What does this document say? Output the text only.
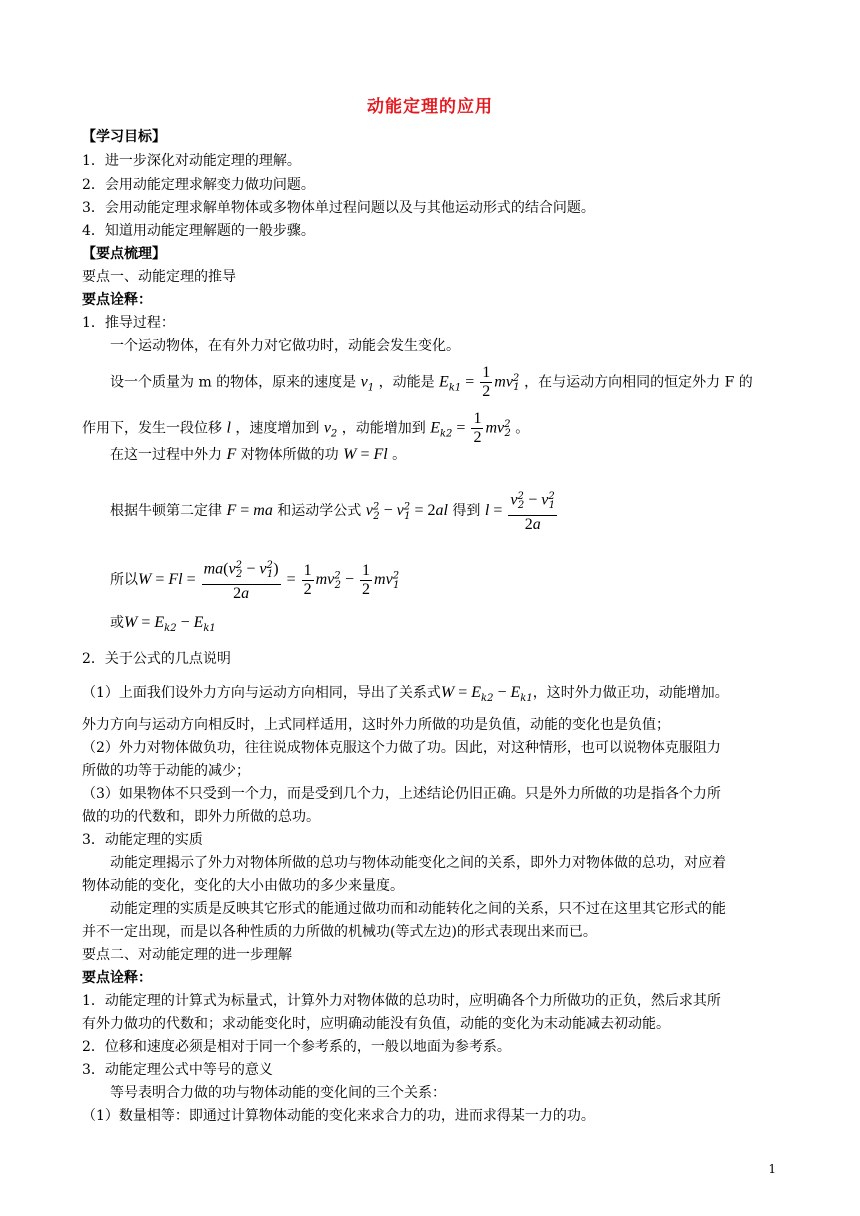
动能定理的应用
【学习目标】
1．进一步深化对动能定理的理解。
2．会用动能定理求解变力做功问题。
3．会用动能定理求解单物体或多物体单过程问题以及与其他运动形式的结合问题。
4．知道用动能定理解题的一般步骤。
【要点梳理】
要点一、动能定理的推导
要点诠释：
1．推导过程：
一个运动物体，在有外力对它做功时，动能会发生变化。
设一个质量为 m 的物体，原来的速度是 $v_1$ ，动能是 $E_{k1} = \frac{1}{2} mv^2_1$ ，在与运动方向相同的恒定外力 F 的
作用下，发生一段位移 l ，速度增加到 $v_2$ ，动能增加到 $E_{k2} = \frac{1}{2} mv^2_2$ 。
在这一过程中外力 F 对物体所做的功 W = Fl 。
根据牛顿第二定律 F = ma 和运动学公式 $v^2_2 - v^2_1 = 2al$ 得到 $l = \frac{v^2_2 - v^2_1}{2a}$
所以$W = Fl = \frac{ma(v^2_2 - v^2_1)}{2a} = \frac{1}{2} mv^2_2 - \frac{1}{2} mv^2_1$
或$W = E_{k2} - E_{k1}$
2．关于公式的几点说明
（1）上面我们设外力方向与运动方向相同，导出了关系式$W = E_{k2} - E_{k1}$，这时外力做正功，动能增加。
外力方向与运动方向相反时，上式同样适用，这时外力所做的功是负值，动能的变化也是负值；
（2）外力对物体做负功，往往说成物体克服这个力做了功。因此，对这种情形，也可以说物体克服阻力
所做的功等于动能的减少；
（3）如果物体不只受到一个力，而是受到几个力，上述结论仍旧正确。只是外力所做的功是指各个力所
做的功的代数和，即外力所做的总功。
3．动能定理的实质
动能定理揭示了外力对物体所做的总功与物体动能变化之间的关系，即外力对物体做的总功，对应着
物体动能的变化，变化的大小由做功的多少来量度。
动能定理的实质是反映其它形式的能通过做功而和动能转化之间的关系，只不过在这里其它形式的能
并不一定出现，而是以各种性质的力所做的机械功(等式左边)的形式表现出来而已。
要点二、对动能定理的进一步理解
要点诠释：
1．动能定理的计算式为标量式，计算外力对物体做的总功时，应明确各个力所做功的正负，然后求其所
有外力做功的代数和；求动能变化时，应明确动能没有负值，动能的变化为末动能减去初动能。
2．位移和速度必须是相对于同一个参考系的，一般以地面为参考系。
3．动能定理公式中等号的意义
等号表明合力做的功与物体动能的变化间的三个关系：
（1）数量相等：即通过计算物体动能的变化来求合力的功，进而求得某一力的功。
1
